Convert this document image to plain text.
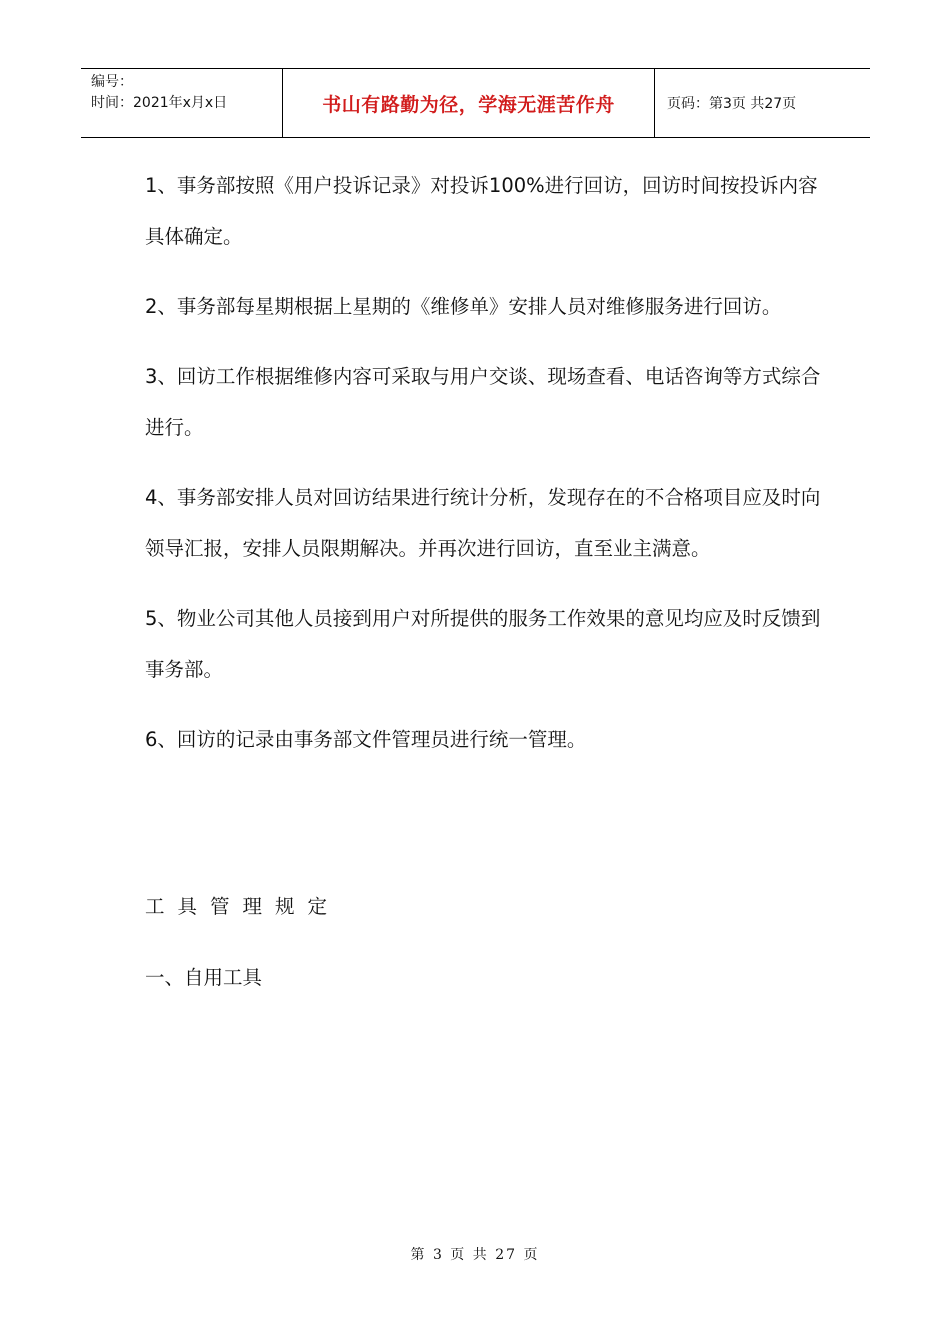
编号：
时间：2021年x月x日	书山有路勤为径，学海无涯苦作舟	页码：第3页 共27页

1、事务部按照《用户投诉记录》对投诉100%进行回访，回访时间按投诉内容具体确定。

2、事务部每星期根据上星期的《维修单》安排人员对维修服务进行回访。

3、回访工作根据维修内容可采取与用户交谈、现场查看、电话咨询等方式综合进行。

4、事务部安排人员对回访结果进行统计分析，发现存在的不合格项目应及时向领导汇报，安排人员限期解决。并再次进行回访，直至业主满意。

5、物业公司其他人员接到用户对所提供的服务工作效果的意见均应及时反馈到事务部。

6、回访的记录由事务部文件管理员进行统一管理。

工具管理规定

一、自用工具

第 3 页 共 27 页
